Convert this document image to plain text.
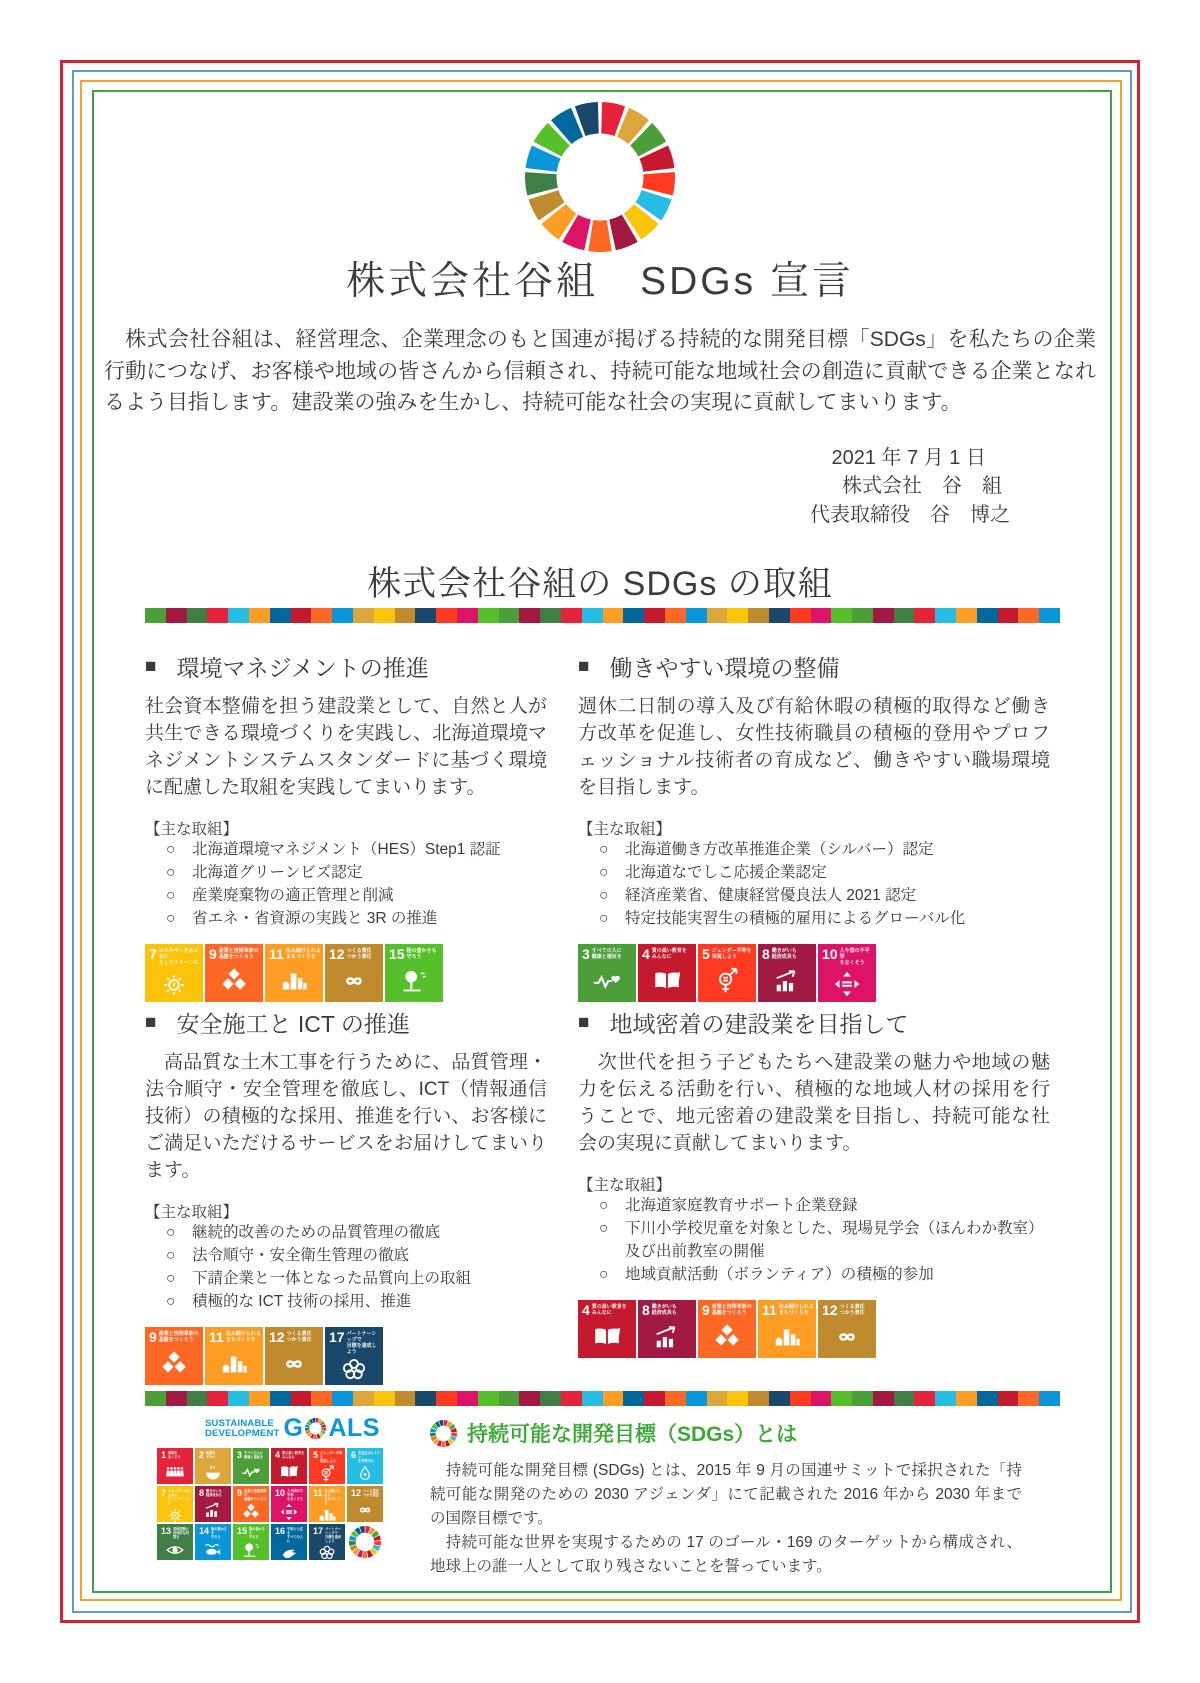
株式会社谷組　SDGs 宣言

　株式会社谷組は、経営理念、企業理念のもと国連が掲げる持続的な開発目標「SDGs」を私たちの企業行動につなげ、お客様や地域の皆さんから信頼され、持続可能な地域社会の創造に貢献できる企業となれるよう目指します。建設業の強みを生かし、持続可能な社会の実現に貢献してまいります。

2021 年 7 月 1 日
株式会社　谷　組
代表取締役　谷　博之
株式会社谷組の SDGs の取組
■ 環境マネジメントの推進
社会資本整備を担う建設業として、自然と人が共生できる環境づくりを実践し、北海道環境マネジメントシステムスタンダードに基づく環境に配慮した取組を実践してまいります。
【主な取組】
○	北海道環境マネジメント（HES）Step1 認証
○	北海道グリーンビズ認定
○	産業廃棄物の適正管理と削減
○	省エネ・省資源の実践と 3R の推進
7 エネルギーをみんなに
そしてクリーンに
9 産業と技術革新の
基盤をつくろう	11 住み続けられる
まちづくりを 12 つくる責任
つかう責任 15 陸の豊かさも
守ろう
■ 働きやすい環境の整備
週休二日制の導入及び有給休暇の積極的取得など働き方改革を促進し、女性技術職員の積極的登用やプロフェッショナル技術者の育成など、働きやすい職場環境を目指します。
【主な取組】
○	北海道働き方改革推進企業（シルバー）認定
○	北海道なでしこ応援企業認定
○	経済産業省、健康経営優良法人 2021 認定
○	特定技能実習生の積極的雇用によるグローバル化
3 すべての人に
健康と福祉を 4 質の高い教育を
みんなに	5 ジェンダー平等を
実現しよう	8 働きがいも
経済成長も 10 人や国の不平等
をなくそう
■ 安全施工と ICT の推進
　高品質な土木工事を行うために、品質管理・法令順守・安全管理を徹底し、ICT（情報通信技術）の積極的な採用、推進を行い、お客様にご満足いただけるサービスをお届けしてまいります。
【主な取組】
○	継続的改善のための品質管理の徹底
○	法令順守・安全衛生管理の徹底
○	下請企業と一体となった品質向上の取組
○	積極的な ICT 技術の採用、推進
9 産業と技術革新の
基盤をつくろう	11 住み続けられる
まちづくりを 12 つくる責任
つかう責任 17 パートナーシップで
目標を達成しよう
■ 地域密着の建設業を目指して
　次世代を担う子どもたちへ建設業の魅力や地域の魅力を伝える活動を行い、積極的な地域人材の採用を行うことで、地元密着の建設業を目指し、持続可能な社会の実現に貢献してまいります。
【主な取組】
○	北海道家庭教育サポート企業登録
○	下川小学校児童を対象とした、現場見学会（ほんわか教室）及び出前教室の開催
○	地域貢献活動（ボランティア）の積極的参加
4 質の高い教育を
みんなに	8 働きがいも
経済成長も 9 産業と技術革新の
基盤をつくろう	11 住み続けられる
まちづくりを 12 つくる責任
つかう責任
SUSTAINABLE
DEVELOPMENT G ALS
1 貧困を
なくそう 2 飢餓を
ゼロに 3 すべての人に
健康と福祉を 4 質の高い教育を
みんなに	5 ジェンダー平等を
実現しよう
6 安全な水とトイレ
を世界中に
7 エネルギーをみんなに
そしてクリーンに
8 働きがいも
経済成長も 9 産業と技術革新の
基盤をつくろう
10 人や国の不平等
をなくそう
11 住み続けられる
まちづくりを
12 つくる責任
つかう責任
13 気候変動に
具体的な対策を
14 海の豊かさを
守ろう
15 陸の豊かさも
守ろう
16 平和と公正を
すべての人に
17 パートナーシップで
目標を達成しよう
持続可能な開発目標（SDGs）とは

　持続可能な開発目標 (SDGs) とは、2015 年 9 月の国連サミットで採択された「持続可能な開発のための 2030 アジェンダ」にて記載された 2016 年から 2030 年までの国際目標です。

　持続可能な世界を実現するための 17 のゴール・169 のターゲットから構成され、地球上の誰一人として取り残さないことを誓っています。
